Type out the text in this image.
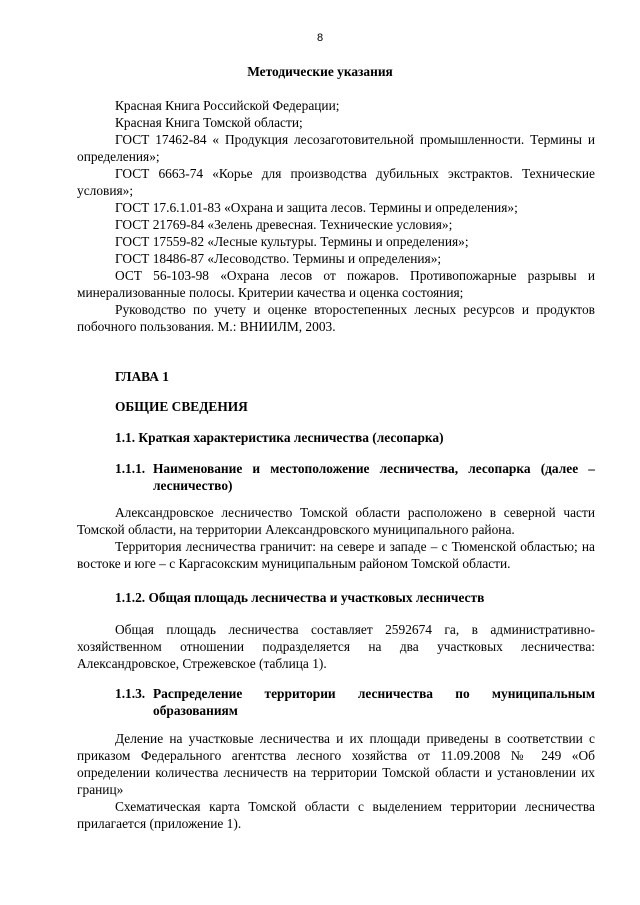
8
Методические указания

Красная Книга Российской Федерации;

Красная Книга Томской области;

ГОСТ 17462-84 « Продукция лесозаготовительной промышленности. Термины и определения»;

ГОСТ 6663-74 «Корье для производства дубильных экстрактов. Технические условия»;

ГОСТ 17.6.1.01-83 «Охрана и защита лесов. Термины и определения»;

ГОСТ 21769-84 «Зелень древесная. Технические условия»;

ГОСТ 17559-82 «Лесные культуры. Термины и определения»;

ГОСТ 18486-87 «Лесоводство. Термины и определения»;

ОСТ 56-103-98 «Охрана лесов от пожаров. Противопожарные разрывы и минерализованные полосы. Критерии качества и оценка состояния;

Руководство по учету и оценке второстепенных лесных ресурсов и продуктов побочного пользования. М.: ВНИИЛМ, 2003.

ГЛАВА 1
ОБЩИЕ СВЕДЕНИЯ
1.1. Краткая характеристика лесничества (лесопарка)
1.1.1. Наименование и местоположение лесничества, лесопарка (далее – лесничество)

Александровское лесничество Томской области расположено в северной части Томской области, на территории Александровского муниципального района.

Территория лесничества граничит: на севере и западе – с Тюменской областью; на востоке и юге – с Каргасокским муниципальным районом Томской области.

1.1.2. Общая площадь лесничества и участковых лесничеств

Общая площадь лесничества составляет 2592674 га, в административно-хозяйственном отношении подразделяется на два участковых лесничества: Александровское, Стрежевское (таблица 1).

1.1.3. Распределение территории лесничества по муниципальным образованиям

Деление на участковые лесничества и их площади приведены в соответствии с приказом Федерального агентства лесного хозяйства от 11.09.2008 № 249 «Об определении количества лесничеств на территории Томской области и установлении их границ»

Схематическая карта Томской области с выделением территории лесничества прилагается (приложение 1).
